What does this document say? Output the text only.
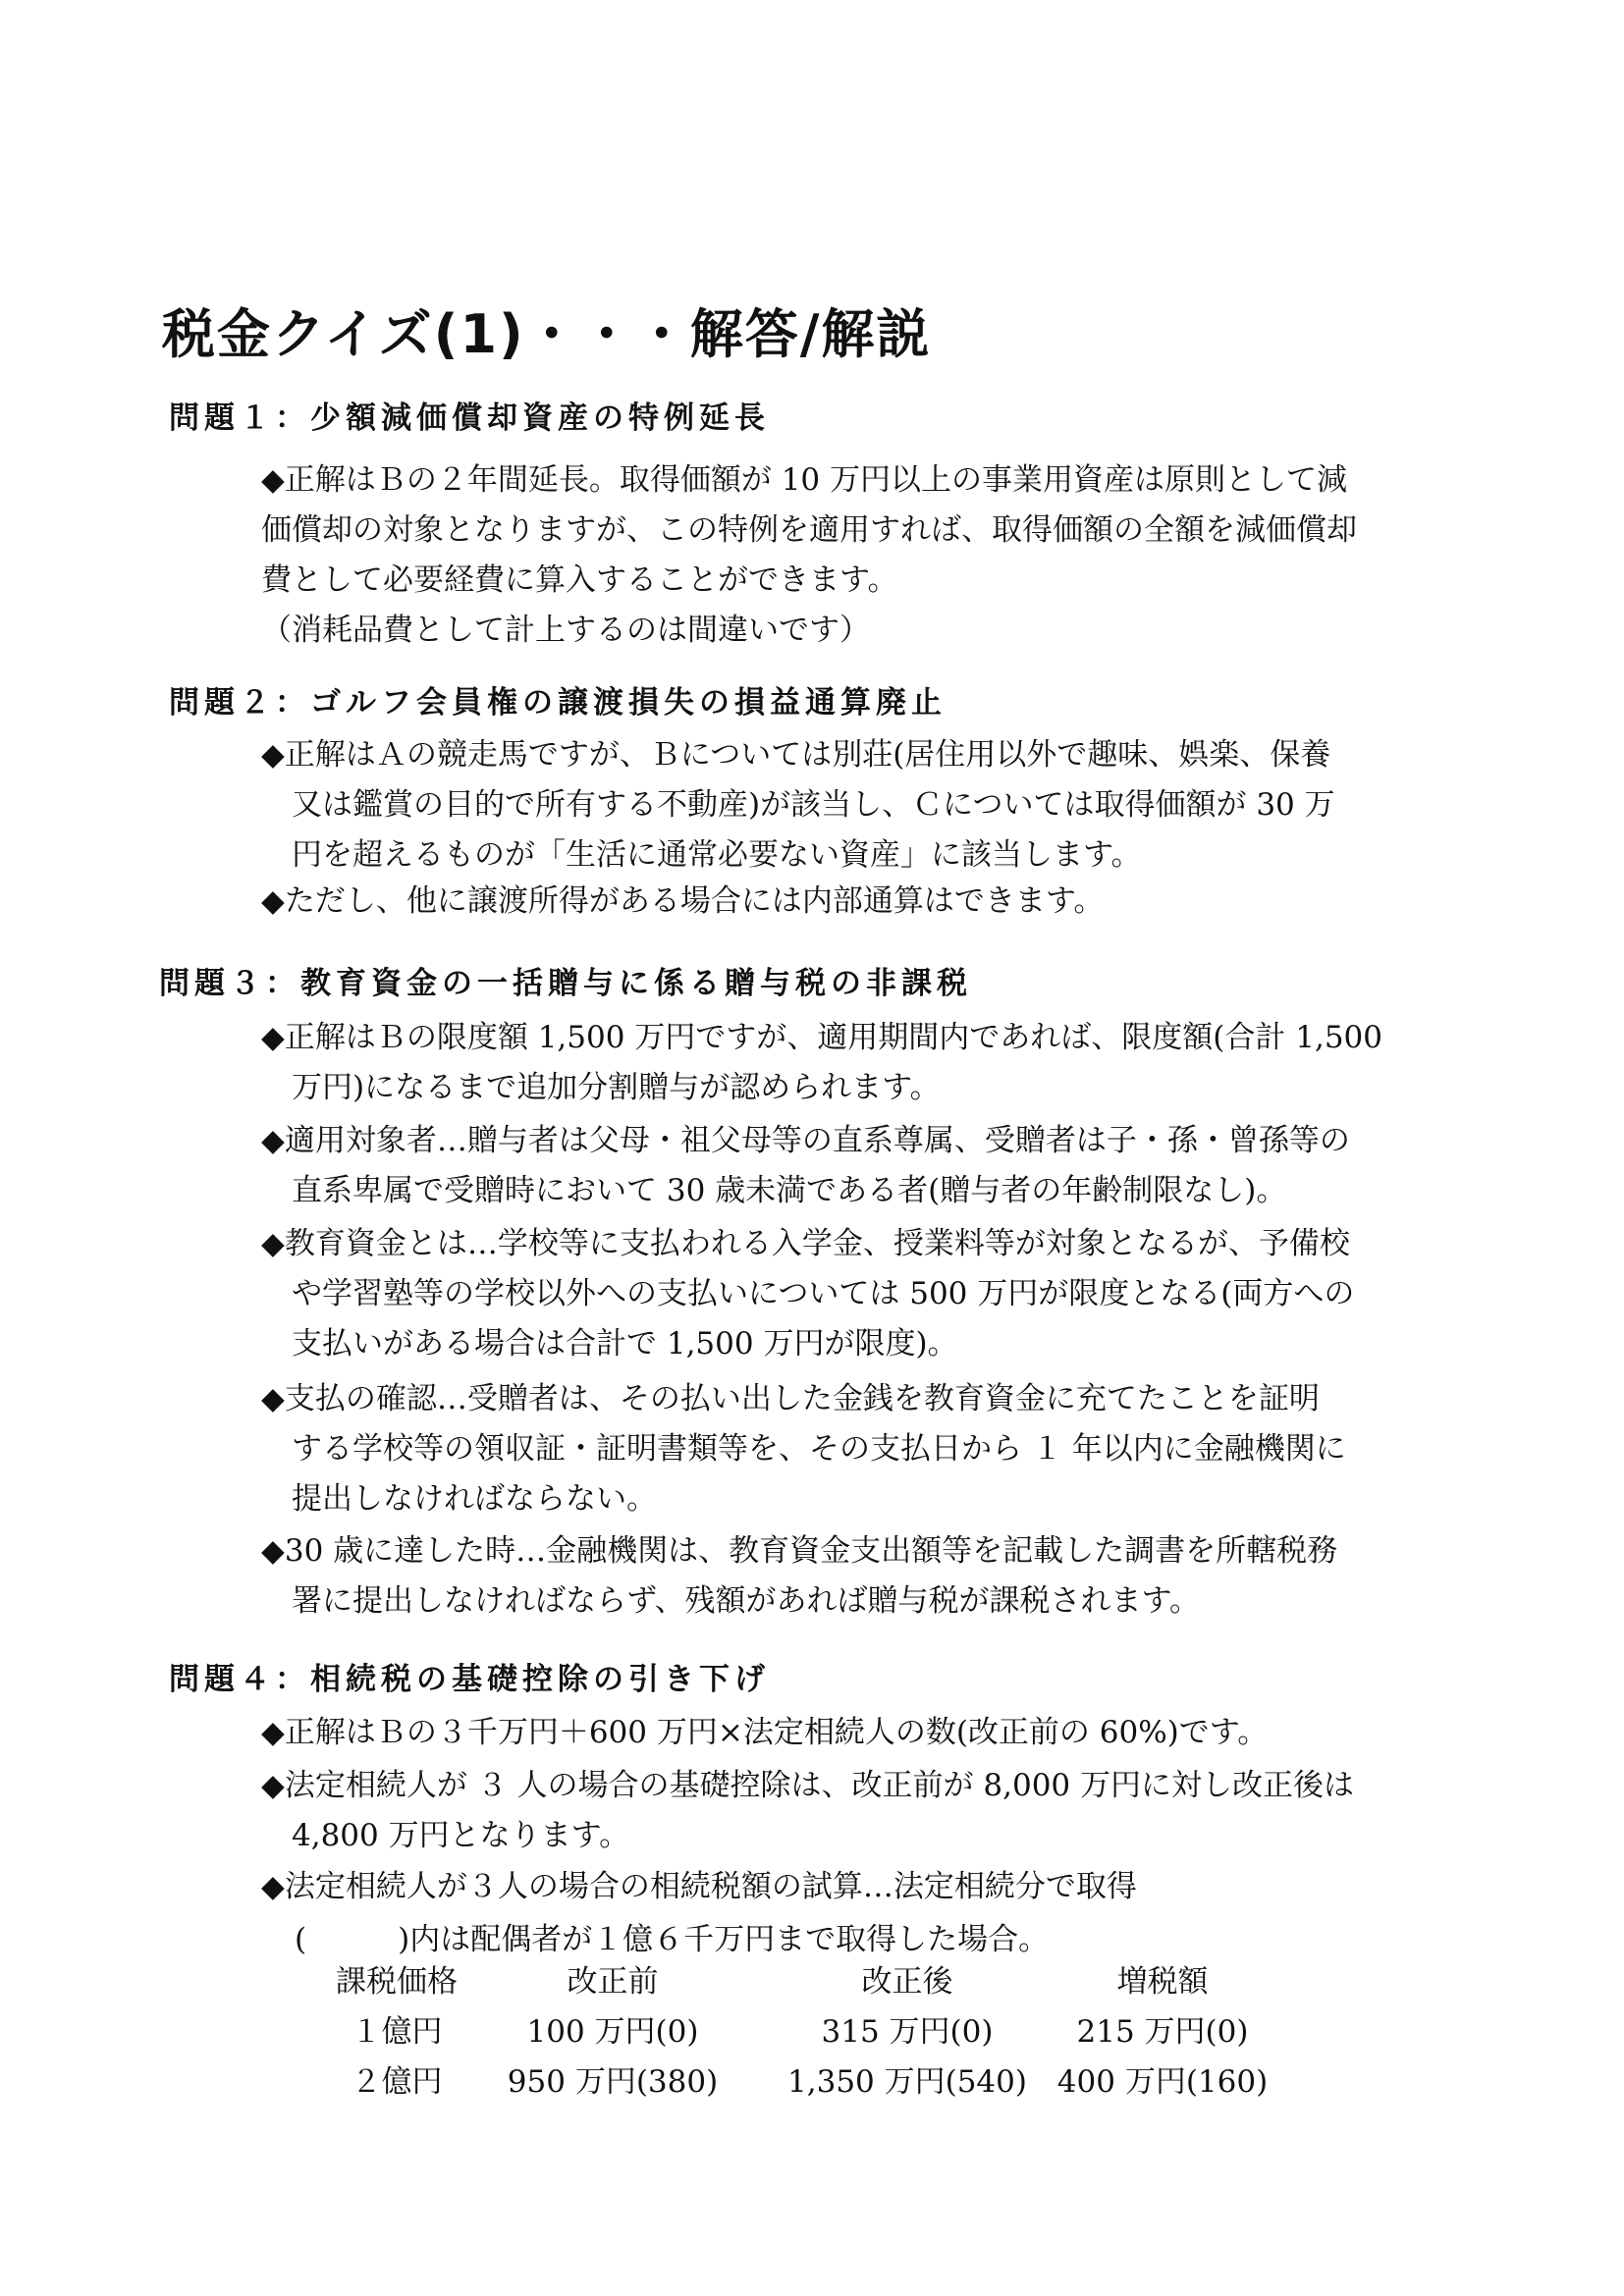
税金クイズ(1)・・・解答/解説
問題１：少額減価償却資産の特例延長
◆正解はＢの２年間延長。取得価額が 10 万円以上の事業用資産は原則として減
価償却の対象となりますが、この特例を適用すれば、取得価額の全額を減価償却
費として必要経費に算入することができます。
（消耗品費として計上するのは間違いです）
問題２：ゴルフ会員権の譲渡損失の損益通算廃止
◆正解はＡの競走馬ですが、Ｂについては別荘(居住用以外で趣味、娯楽、保養
　又は鑑賞の目的で所有する不動産)が該当し、Ｃについては取得価額が 30 万
　円を超えるものが「生活に通常必要ない資産」に該当します。
◆ただし、他に譲渡所得がある場合には内部通算はできます。
問題３：教育資金の一括贈与に係る贈与税の非課税
◆正解はＢの限度額 1,500 万円ですが、適用期間内であれば、限度額(合計 1,500
　万円)になるまで追加分割贈与が認められます。
◆適用対象者…贈与者は父母・祖父母等の直系尊属、受贈者は子・孫・曾孫等の
　直系卑属で受贈時において 30 歳未満である者(贈与者の年齢制限なし)。
◆教育資金とは…学校等に支払われる入学金、授業料等が対象となるが、予備校
　や学習塾等の学校以外への支払いについては 500 万円が限度となる(両方への
　支払いがある場合は合計で 1,500 万円が限度)。
◆支払の確認…受贈者は、その払い出した金銭を教育資金に充てたことを証明
　する学校等の領収証・証明書類等を、その支払日から １ 年以内に金融機関に
　提出しなければならない。
◆30 歳に達した時…金融機関は、教育資金支出額等を記載した調書を所轄税務
　署に提出しなければならず、残額があれば贈与税が課税されます。
問題４：相続税の基礎控除の引き下げ
◆正解はＢの３千万円＋600 万円×法定相続人の数(改正前の 60%)です。
◆法定相続人が ３ 人の場合の基礎控除は、改正前が 8,000 万円に対し改正後は
　4,800 万円となります。
◆法定相続人が３人の場合の相続税額の試算…法定相続分で取得
(　　　)内は配偶者が１億６千万円まで取得した場合。
課税価格	改正前	改正後	増税額
１億円	100 万円(0)	315 万円(0)	215 万円(0)
２億円	950 万円(380)	1,350 万円(540)	400 万円(160)
